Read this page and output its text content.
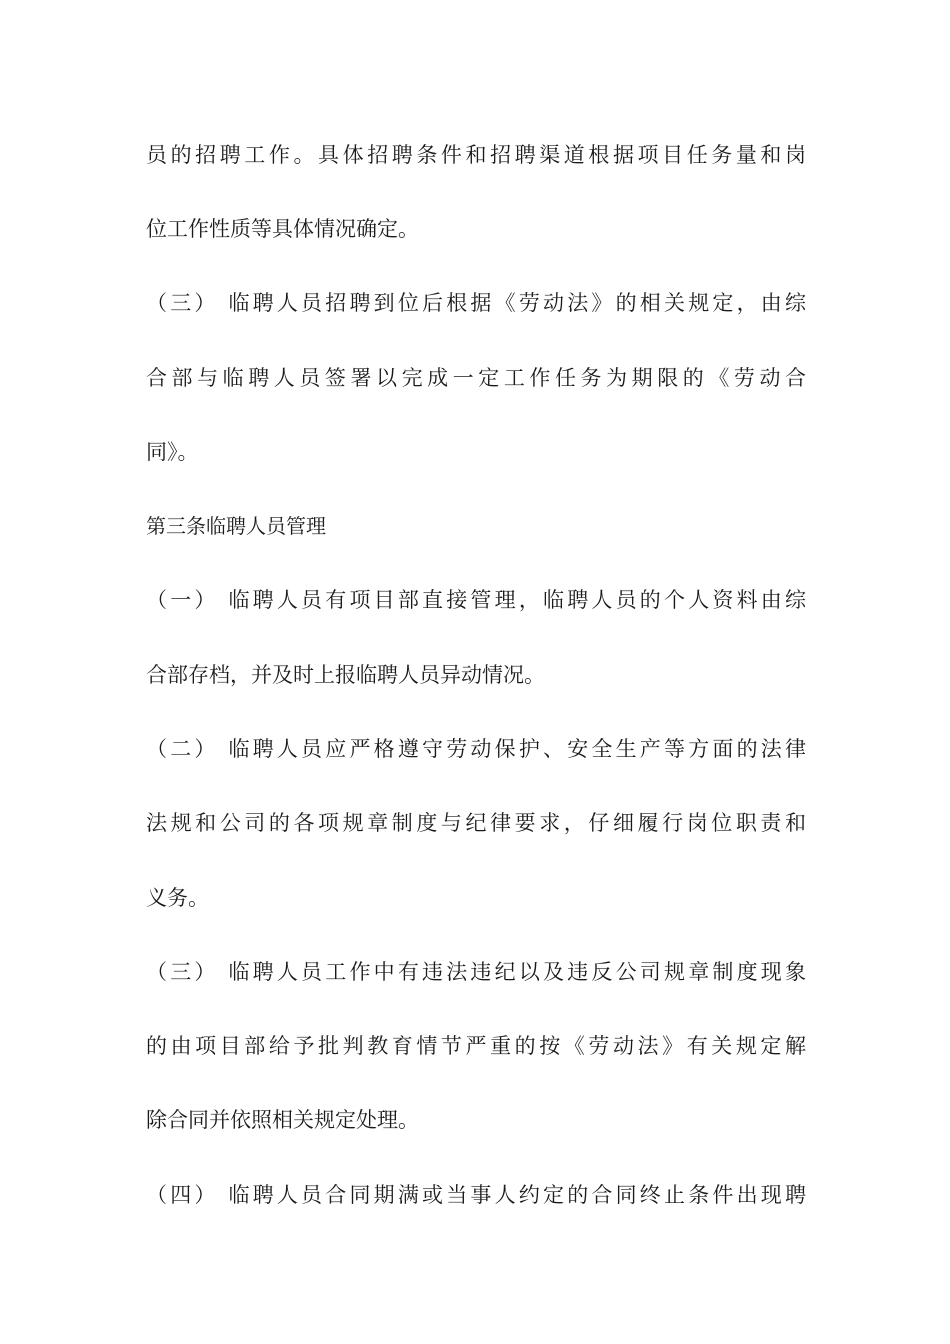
员的招聘工作。具体招聘条件和招聘渠道根据项目任务量和岗
位工作性质等具体情况确定。
（三） 临聘人员招聘到位后根据《劳动法》的相关规定，由综
合部与临聘人员签署以完成一定工作任务为期限的《劳动合
同》。
第三条临聘人员管理
（一） 临聘人员有项目部直接管理，临聘人员的个人资料由综
合部存档，并及时上报临聘人员异动情况。
（二） 临聘人员应严格遵守劳动保护、安全生产等方面的法律
法规和公司的各项规章制度与纪律要求，仔细履行岗位职责和
义务。
（三） 临聘人员工作中有违法违纪以及违反公司规章制度现象
的由项目部给予批判教育情节严重的按《劳动法》有关规定解
除合同并依照相关规定处理。
（四） 临聘人员合同期满或当事人约定的合同终止条件出现聘
